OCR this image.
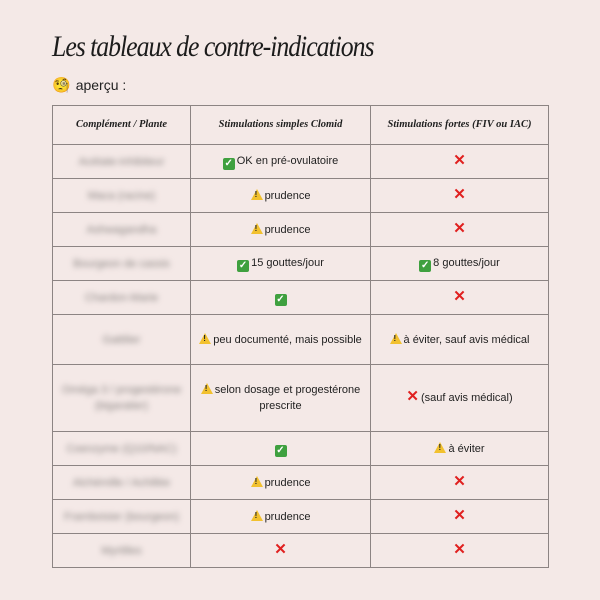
Les tableaux de contre-indications
🧐 aperçu :
Complément / Plante	Stimulations simples Clomid	Stimulations fortes (FIV ou IAC)
Acétate-inhibiteur	✓ OK en pré-ovulatoire	✕
Maca (racine)	!prudence	✕
Ashwagandha	!prudence	✕
Bourgeon de cassis	✓ 15 gouttes/jour	✓ 8 gouttes/jour
Chardon-Marie	✓	✕
Gattilier	!peu documenté, mais possible	!à éviter, sauf avis médical
Oméga 3 / progestérone (bigaratier)	!selon dosage et progestérone prescrite	✕ (sauf avis médical)
Coenzyme (Q10/NAC)	✓	!à éviter
Alchémille / Achillée	!prudence	✕
Framboisier (bourgeon)	!prudence	✕
Myrtilles	✕	✕
